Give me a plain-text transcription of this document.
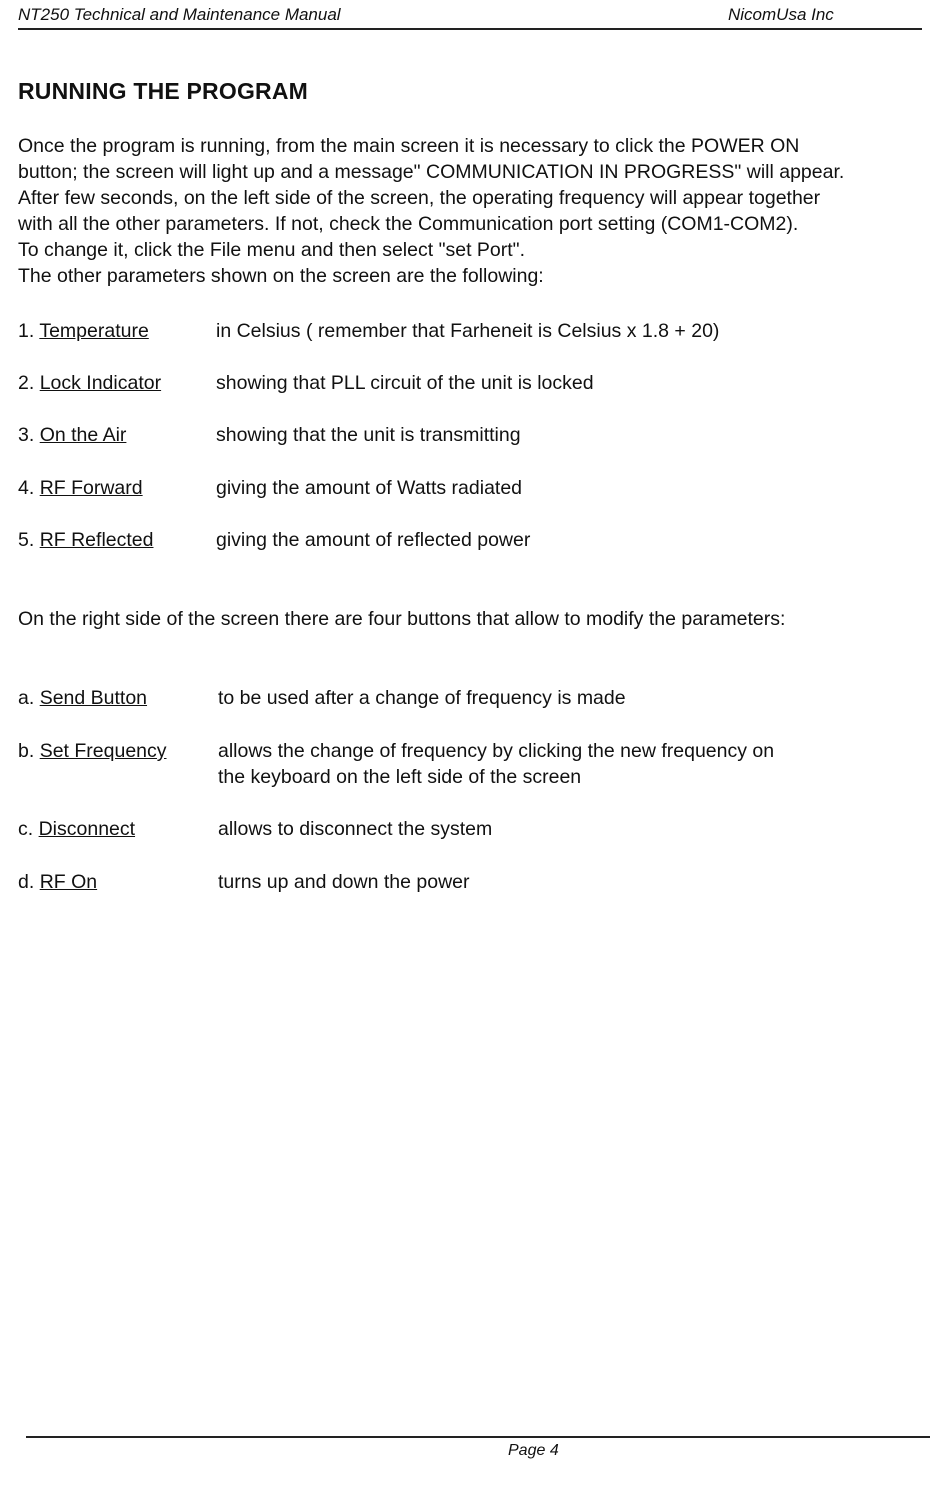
NT250 Technical and Maintenance Manual	NicomUsa Inc
RUNNING THE PROGRAM
Once the program is running, from the main screen it is necessary to click the POWER ON
button; the screen will light up and a message" COMMUNICATION IN PROGRESS" will appear.
After few seconds, on the left side of the screen, the operating frequency will appear together
with all the other parameters. If not, check the Communication port setting (COM1-COM2).
To change it, click the File menu and then select "set Port".
The other parameters shown on the screen are the following:
1. Temperature	in Celsius ( remember that Farheneit is Celsius x 1.8 + 20)
2. Lock Indicator	showing that PLL circuit of the unit is locked
3. On the Air	showing that the unit is transmitting
4. RF Forward	giving the amount of Watts radiated
5. RF Reflected	giving the amount of reflected power
On the right side of the screen there are four buttons that allow to modify the parameters:
a. Send Button	to be used after a change of frequency is made
b. Set Frequency	allows the change of frequency by clicking the new frequency on
the keyboard on the left side of the screen
c. Disconnect	allows to disconnect the system
d. RF On	turns up and down the power
Page 4
